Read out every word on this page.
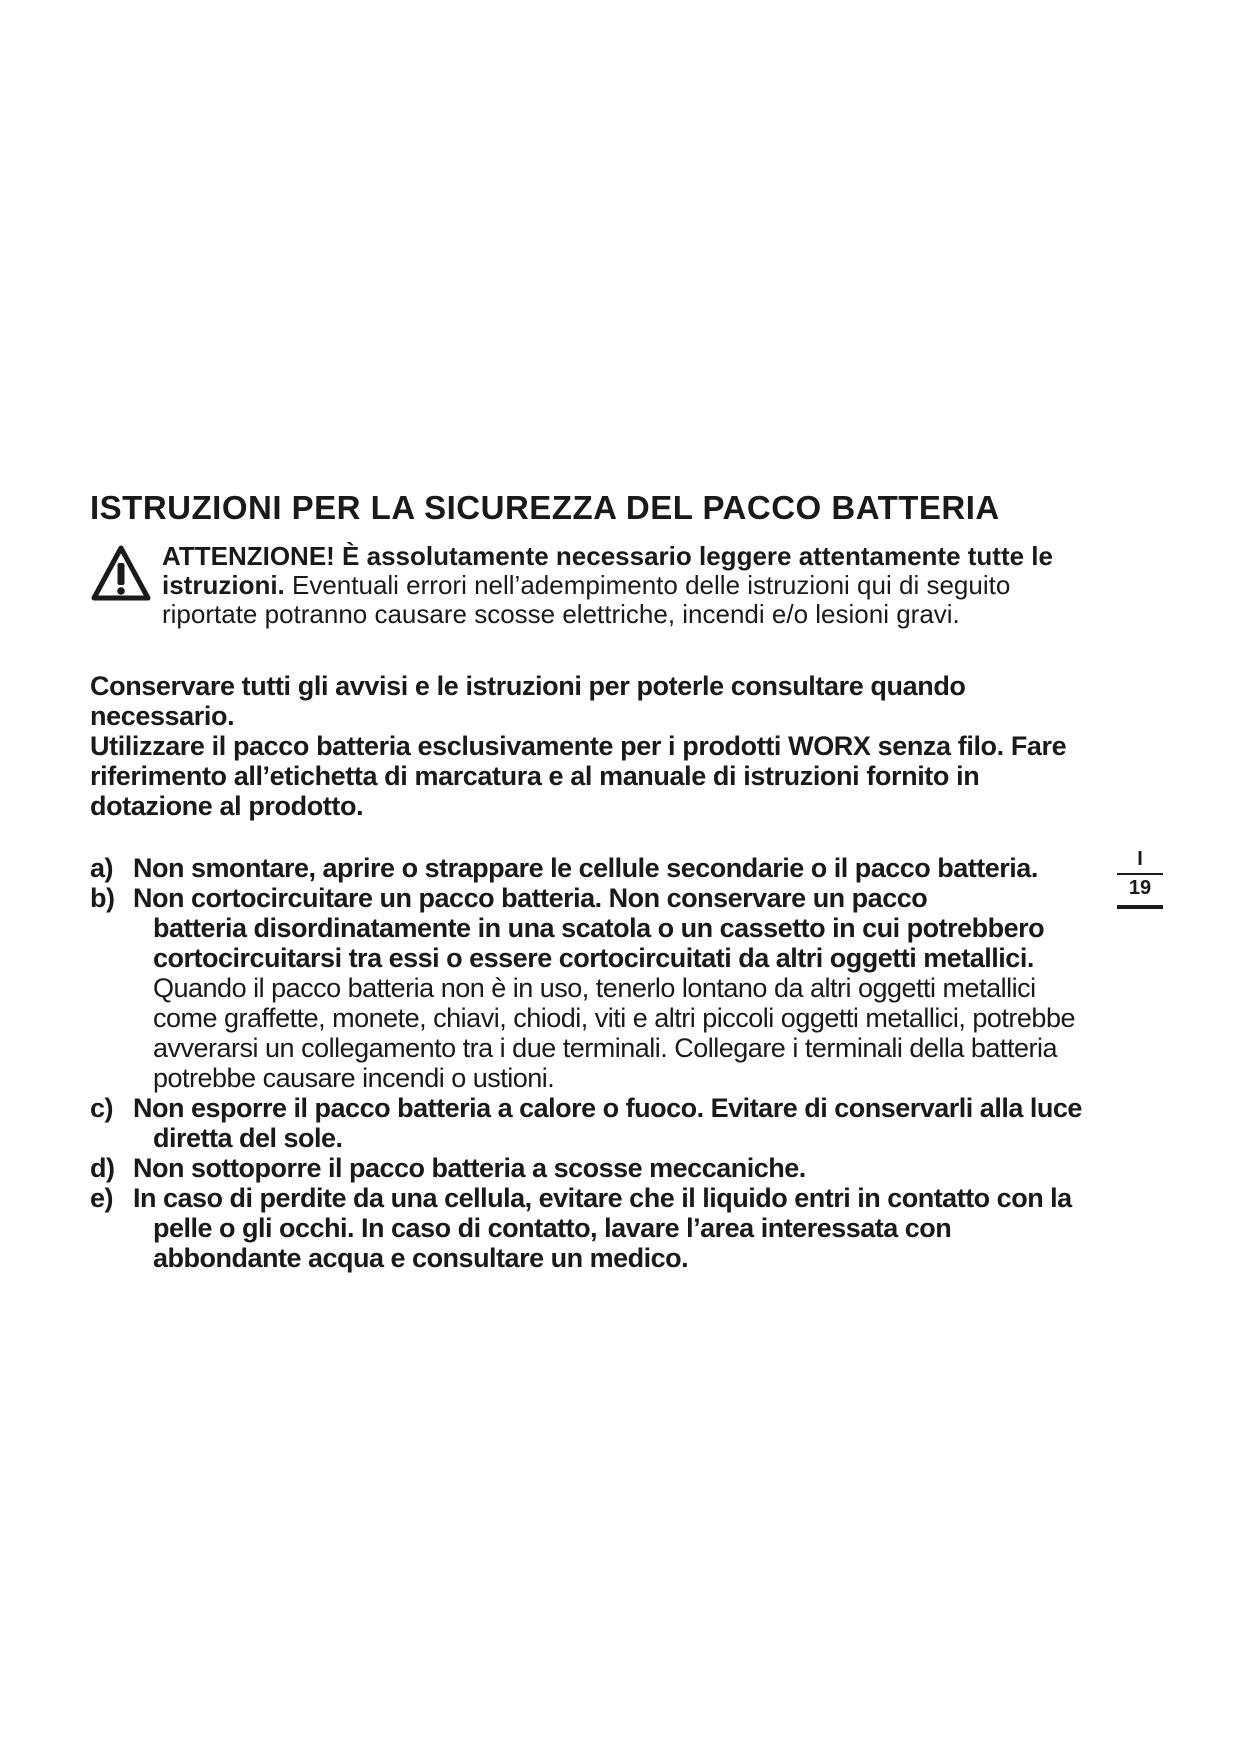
ISTRUZIONI PER LA SICUREZZA DEL PACCO BATTERIA
ATTENZIONE! È assolutamente necessario leggere attentamente tutte le istruzioni. Eventuali errori nell’adempimento delle istruzioni qui di seguito riportate potranno causare scosse elettriche, incendi e/o lesioni gravi.

Conservare tutti gli avvisi e le istruzioni per poterle consultare quando necessario.

Utilizzare il pacco batteria esclusivamente per i prodotti WORX senza filo. Fare riferimento all’etichetta di marcatura e al manuale di istruzioni fornito in dotazione al prodotto.

a) Non smontare, aprire o strappare le cellule secondarie o il pacco batteria.
b) Non cortocircuitare un pacco batteria. Non conservare un pacco
batteria disordinatamente in una scatola o un cassetto in cui potrebbero cortocircuitarsi tra essi o essere cortocircuitati da altri oggetti metallici.
Quando il pacco batteria non è in uso, tenerlo lontano da altri oggetti metallici come graffette, monete, chiavi, chiodi, viti e altri piccoli oggetti metallici, potrebbe avverarsi un collegamento tra i due terminali. Collegare i terminali della batteria potrebbe causare incendi o ustioni.
c) Non esporre il pacco batteria a calore o fuoco. Evitare di conservarli alla luce
diretta del sole.
d) Non sottoporre il pacco batteria a scosse meccaniche.
e) In caso di perdite da una cellula, evitare che il liquido entri in contatto con la
pelle o gli occhi. In caso di contatto, lavare l’area interessata con abbondante acqua e consultare un medico.
I
19
